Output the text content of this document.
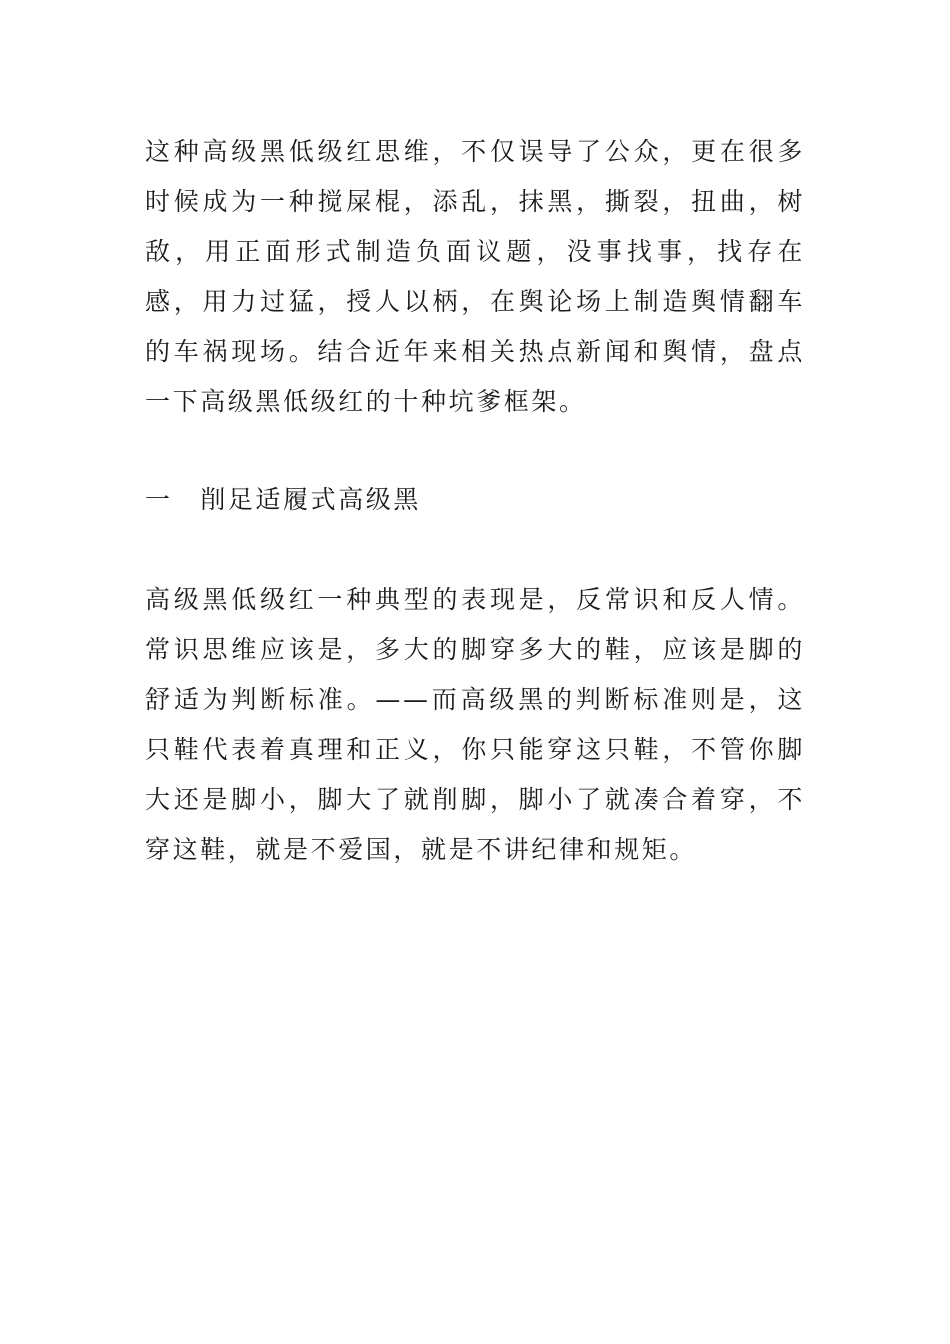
这种高级黑低级红思维，不仅误导了公众，更在很多时候成为一种搅屎棍，添乱，抹黑，撕裂，扭曲，树敌，用正面形式制造负面议题，没事找事，找存在感，用力过猛，授人以柄，在舆论场上制造舆情翻车的车祸现场。结合近年来相关热点新闻和舆情，盘点一下高级黑低级红的十种坑爹框架。

一　削足适履式高级黑

高级黑低级红一种典型的表现是，反常识和反人情。常识思维应该是，多大的脚穿多大的鞋，应该是脚的舒适为判断标准。——而高级黑的判断标准则是，这只鞋代表着真理和正义，你只能穿这只鞋，不管你脚大还是脚小，脚大了就削脚，脚小了就凑合着穿，不穿这鞋，就是不爱国，就是不讲纪律和规矩。
